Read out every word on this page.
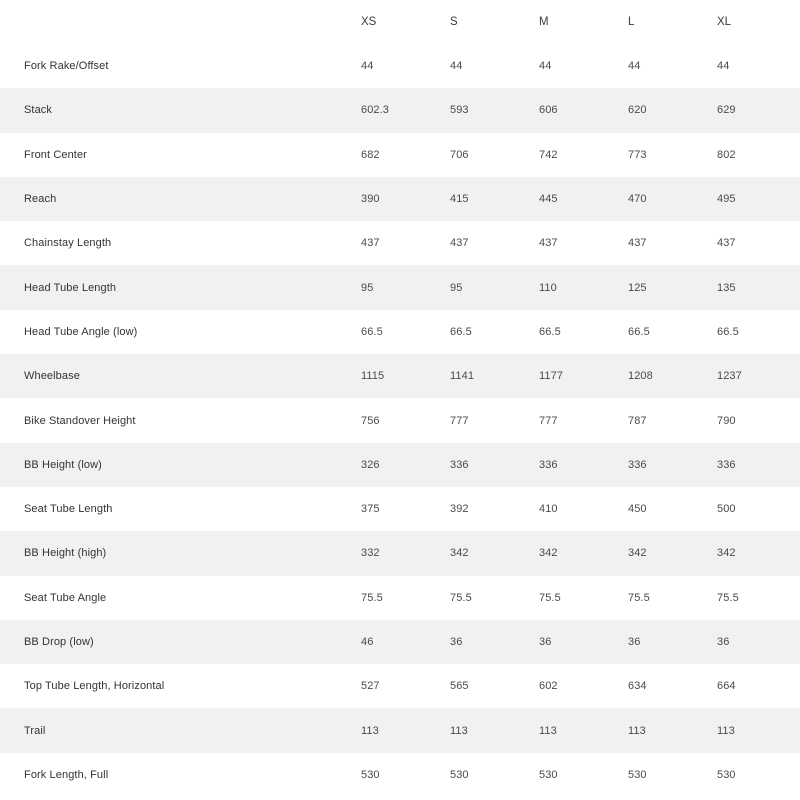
	XS	S	M	L	XL
Fork Rake/Offset	44	44	44	44	44
Stack	602.3	593	606	620	629
Front Center	682	706	742	773	802
Reach	390	415	445	470	495
Chainstay Length	437	437	437	437	437
Head Tube Length	95	95	110	125	135
Head Tube Angle (low)	66.5	66.5	66.5	66.5	66.5
Wheelbase	1115	1141	1177	1208	1237
Bike Standover Height	756	777	777	787	790
BB Height (low)	326	336	336	336	336
Seat Tube Length	375	392	410	450	500
BB Height (high)	332	342	342	342	342
Seat Tube Angle	75.5	75.5	75.5	75.5	75.5
BB Drop (low)	46	36	36	36	36
Top Tube Length, Horizontal	527	565	602	634	664
Trail	113	113	113	113	113
Fork Length, Full	530	530	530	530	530
